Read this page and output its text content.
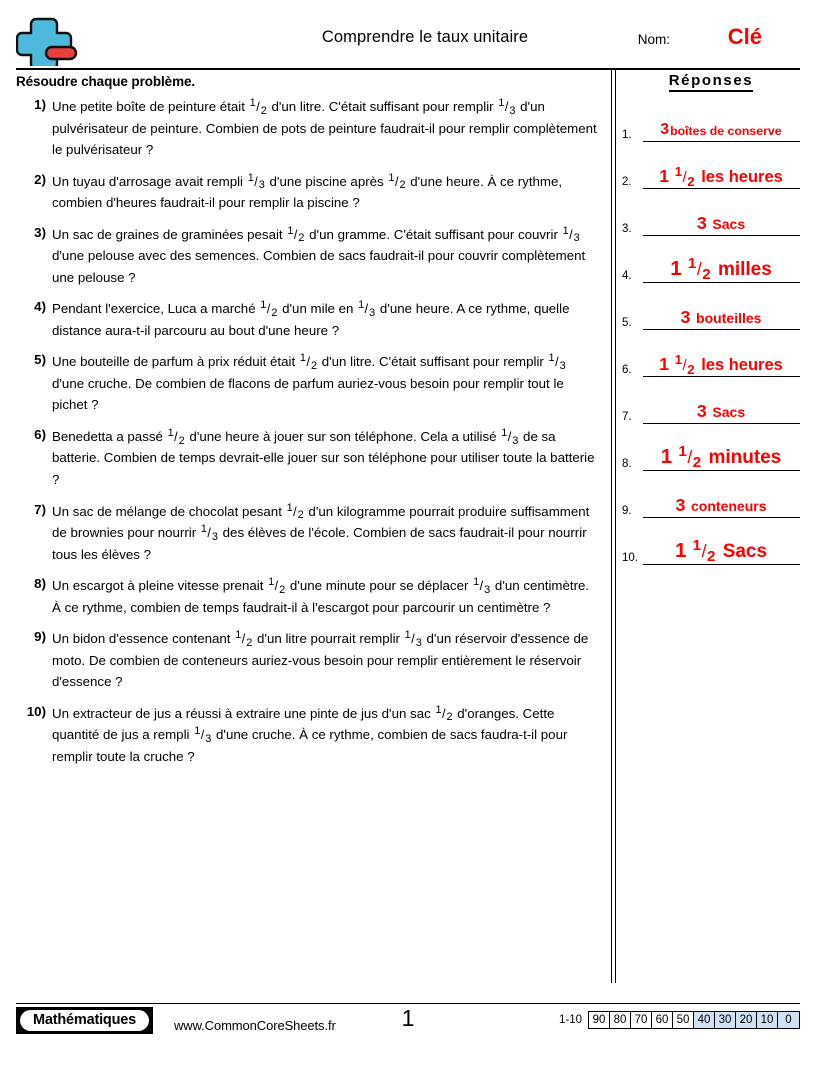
Comprendre le taux unitaire	Nom:	Clé
Résoudre chaque problème.
1) Une petite boîte de peinture était $^1/_2$ d'un litre. C'était suffisant pour remplir $^1/_3$ d'un pulvérisateur de peinture. Combien de pots de peinture faudrait-il pour remplir complètement le pulvérisateur ?
2) Un tuyau d'arrosage avait rempli $^1/_3$ d'une piscine après $^1/_2$ d'une heure. À ce rythme, combien d'heures faudrait-il pour remplir la piscine ?
3) Un sac de graines de graminées pesait $^1/_2$ d'un gramme. C'était suffisant pour couvrir $^1/_3$ d'une pelouse avec des semences. Combien de sacs faudrait-il pour couvrir complètement une pelouse ?
4) Pendant l'exercice, Luca a marché $^1/_2$ d'un mile en $^1/_3$ d'une heure. A ce rythme, quelle distance aura-t-il parcouru au bout d'une heure ?
5) Une bouteille de parfum à prix réduit était $^1/_2$ d'un litre. C'était suffisant pour remplir $^1/_3$ d'une cruche. De combien de flacons de parfum auriez-vous besoin pour remplir tout le pichet ?
6) Benedetta a passé $^1/_2$ d'une heure à jouer sur son téléphone. Cela a utilisé $^1/_3$ de sa batterie. Combien de temps devrait-elle jouer sur son téléphone pour utiliser toute la batterie ?
7) Un sac de mélange de chocolat pesant $^1/_2$ d'un kilogramme pourrait produire suffisamment de brownies pour nourrir $^1/_3$ des élèves de l'école. Combien de sacs faudrait-il pour nourrir tous les élèves ?
8) Un escargot à pleine vitesse prenait $^1/_2$ d'une minute pour se déplacer $^1/_3$ d'un centimètre. À ce rythme, combien de temps faudrait-il à l'escargot pour parcourir un centimètre ?
9) Un bidon d'essence contenant $^1/_2$ d'un litre pourrait remplir $^1/_3$ d'un réservoir d'essence de moto. De combien de conteneurs auriez-vous besoin pour remplir entièrement le réservoir d'essence ?
10) Un extracteur de jus a réussi à extraire une pinte de jus d'un sac $^1/_2$ d'oranges. Cette quantité de jus a rempli $^1/_3$ d'une cruche. À ce rythme, combien de sacs faudra-t-il pour remplir toute la cruche ?
Réponses
1.	3boîtes de conserve
2.	1 $^1/_2$ les heures
3.	3 Sacs
4.	1 $^1/_2$ milles
5.	3 bouteilles
6.	1 $^1/_2$ les heures
7.	3 Sacs
8.	1 $^1/_2$ minutes
9.	3 conteneurs
10.	1 $^1/_2$ Sacs
Mathématiques	www.CommonCoreSheets.fr	1	1-10 90 80 70 60 50 40 30 20 10	0
